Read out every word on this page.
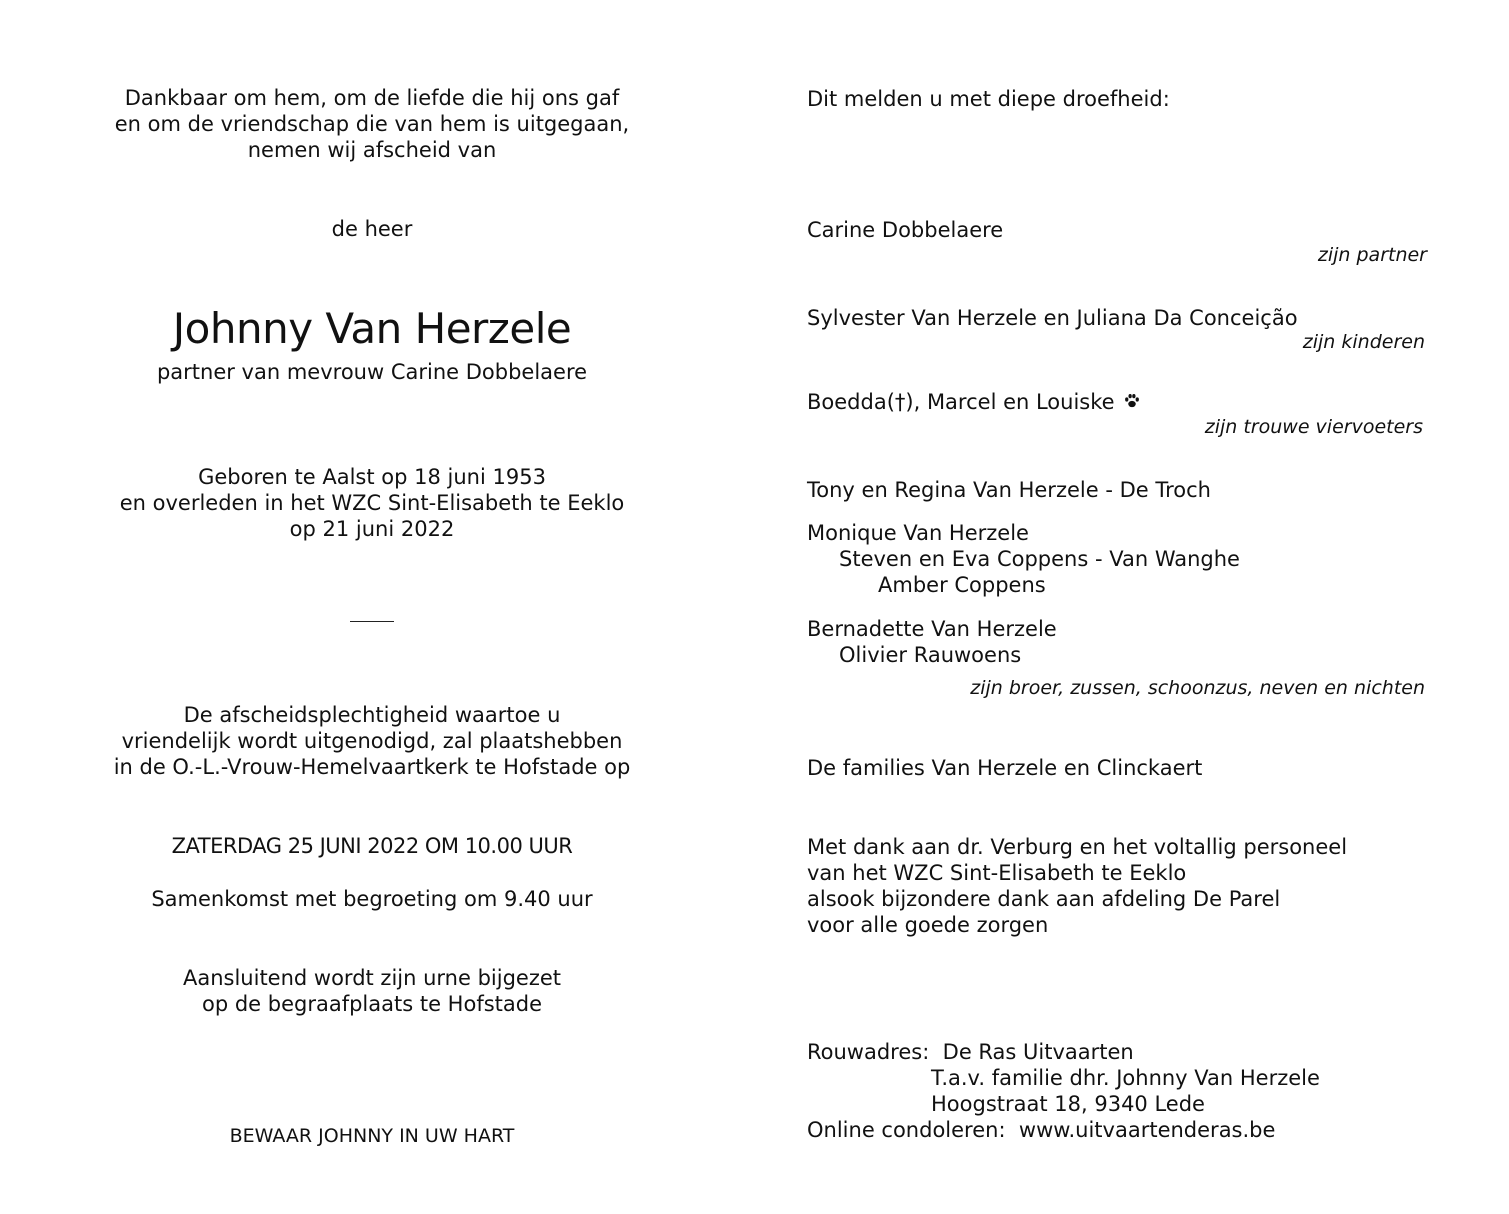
Dankbaar om hem, om de liefde die hij ons gaf
en om de vriendschap die van hem is uitgegaan,
nemen wij afscheid van
de heer
Johnny Van Herzele
partner van mevrouw Carine Dobbelaere
Geboren te Aalst op 18 juni 1953
en overleden in het WZC Sint-Elisabeth te Eeklo
op 21 juni 2022
De afscheidsplechtigheid waartoe u
vriendelijk wordt uitgenodigd, zal plaatshebben
in de O.-L.-Vrouw-Hemelvaartkerk te Hofstade op
ZATERDAG 25 JUNI 2022 OM 10.00 UUR
Samenkomst met begroeting om 9.40 uur
Aansluitend wordt zijn urne bijgezet
op de begraafplaats te Hofstade
BEWAAR JOHNNY IN UW HART
Dit melden u met diepe droefheid:
Carine Dobbelaere
zijn partner
Sylvester Van Herzele en Juliana Da Conceição
zijn kinderen
Boedda(†), Marcel en Louiske
zijn trouwe viervoeters
Tony en Regina Van Herzele - De Troch
Monique Van Herzele
Steven en Eva Coppens - Van Wanghe
Amber Coppens
Bernadette Van Herzele
Olivier Rauwoens
zijn broer, zussen, schoonzus, neven en nichten
De families Van Herzele en Clinckaert
Met dank aan dr. Verburg en het voltallig personeel
van het WZC Sint-Elisabeth te Eeklo
alsook bijzondere dank aan afdeling De Parel
voor alle goede zorgen
Rouwadres: De Ras Uitvaarten
T.a.v. familie dhr. Johnny Van Herzele
Hoogstraat 18, 9340 Lede
Online condoleren: www.uitvaartenderas.be
